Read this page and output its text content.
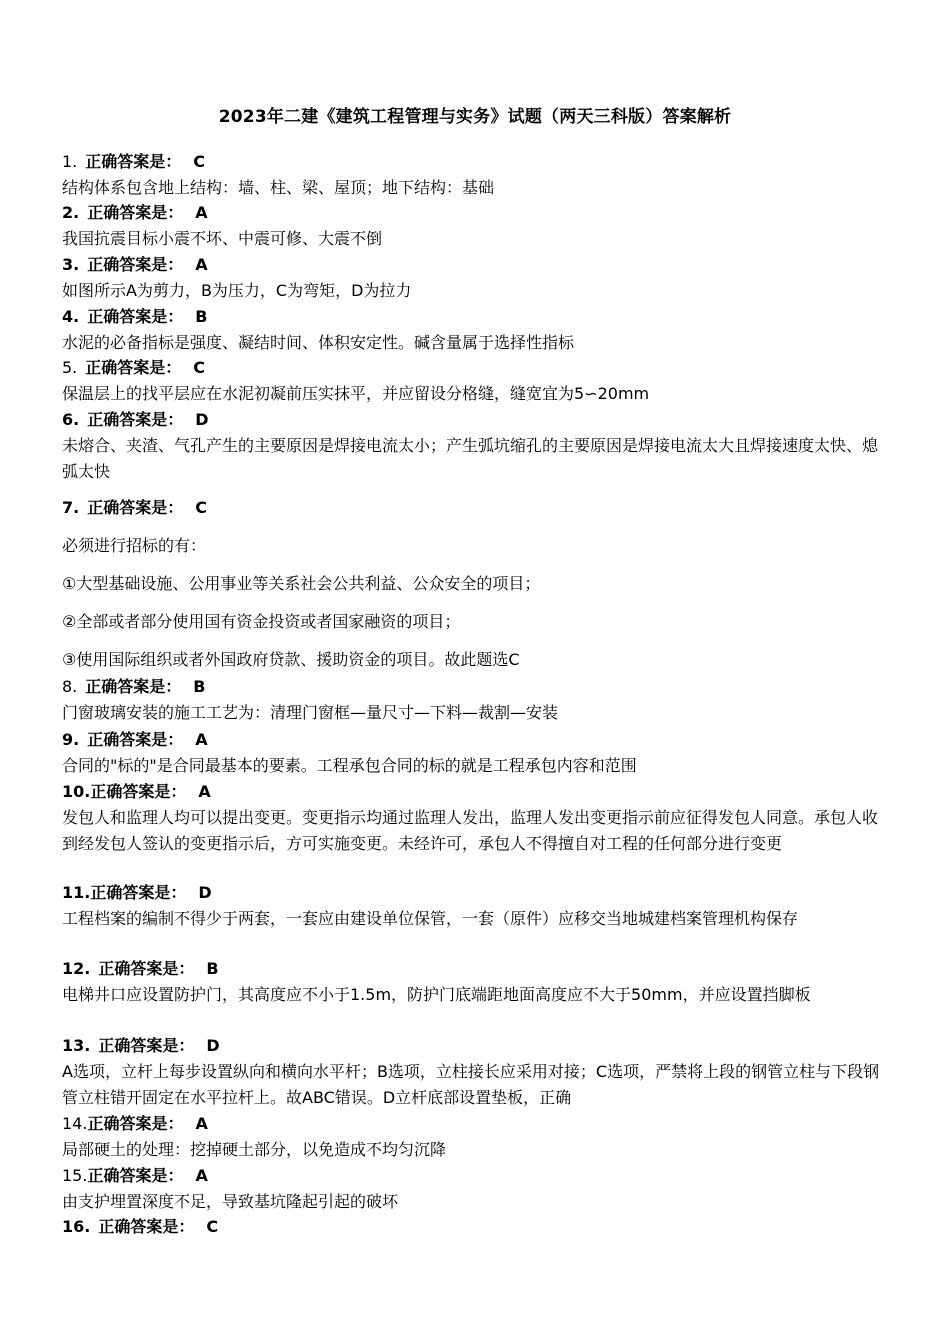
2023年二建《建筑工程管理与实务》试题（两天三科版）答案解析
1. 正确答案是： C
结构体系包含地上结构：墙、柱、梁、屋顶；地下结构：基础
2. 正确答案是： A
我国抗震目标小震不坏、中震可修、大震不倒
3. 正确答案是： A
如图所示A为剪力，B为压力，C为弯矩，D为拉力
4. 正确答案是： B
水泥的必备指标是强度、凝结时间、体积安定性。碱含量属于选择性指标
5. 正确答案是： C
保温层上的找平层应在水泥初凝前压实抹平，并应留设分格缝，缝宽宜为5∽20mm
6. 正确答案是： D
未熔合、夹渣、气孔产生的主要原因是焊接电流太小；产生弧坑缩孔的主要原因是焊接电流太大且焊接速度太快、熄弧太快
7. 正确答案是： C
必须进行招标的有：
①大型基础设施、公用事业等关系社会公共利益、公众安全的项目；
②全部或者部分使用国有资金投资或者国家融资的项目；
③使用国际组织或者外国政府贷款、援助资金的项目。故此题选C
8. 正确答案是： B
门窗玻璃安装的施工工艺为：清理门窗框—量尺寸—下料—裁割—安装
9. 正确答案是： A
合同的"标的"是合同最基本的要素。工程承包合同的标的就是工程承包内容和范围
10.正确答案是： A
发包人和监理人均可以提出变更。变更指示均通过监理人发出，监理人发出变更指示前应征得发包人同意。承包人收到经发包人签认的变更指示后，方可实施变更。未经许可，承包人不得擅自对工程的任何部分进行变更
11.正确答案是： D
工程档案的编制不得少于两套，一套应由建设单位保管，一套（原件）应移交当地城建档案管理机构保存
12. 正确答案是： B
电梯井口应设置防护门，其高度应不小于1.5m，防护门底端距地面高度应不大于50mm，并应设置挡脚板
13. 正确答案是： D
A选项，立杆上每步设置纵向和横向水平杆；B选项，立柱接长应采用对接；C选项，严禁将上段的钢管立柱与下段钢管立柱错开固定在水平拉杆上。故ABC错误。D立杆底部设置垫板，正确
14.正确答案是： A
局部硬土的处理：挖掉硬土部分，以免造成不均匀沉降
15.正确答案是： A
由支护埋置深度不足，导致基坑隆起引起的破坏
16. 正确答案是： C
